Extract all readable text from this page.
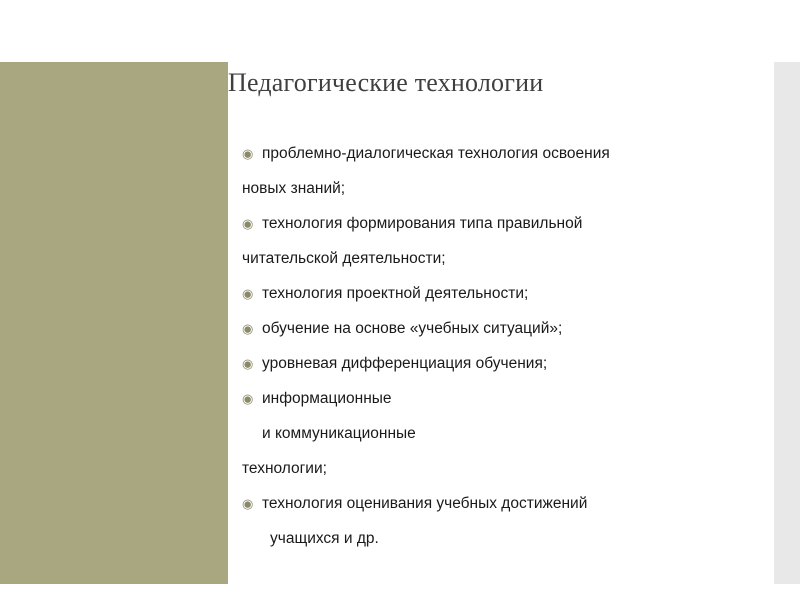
Педагогические технологии
◉ проблемно-диалогическая технология освоения
новых знаний;
◉ технология формирования типа правильной
читательской деятельности;
◉ технология проектной деятельности;
◉ обучение на основе «учебных ситуаций»;
◉ уровневая дифференциация обучения;
◉ информационные
и коммуникационные
технологии;
◉ технология оценивания учебных достижений
учащихся и др.
